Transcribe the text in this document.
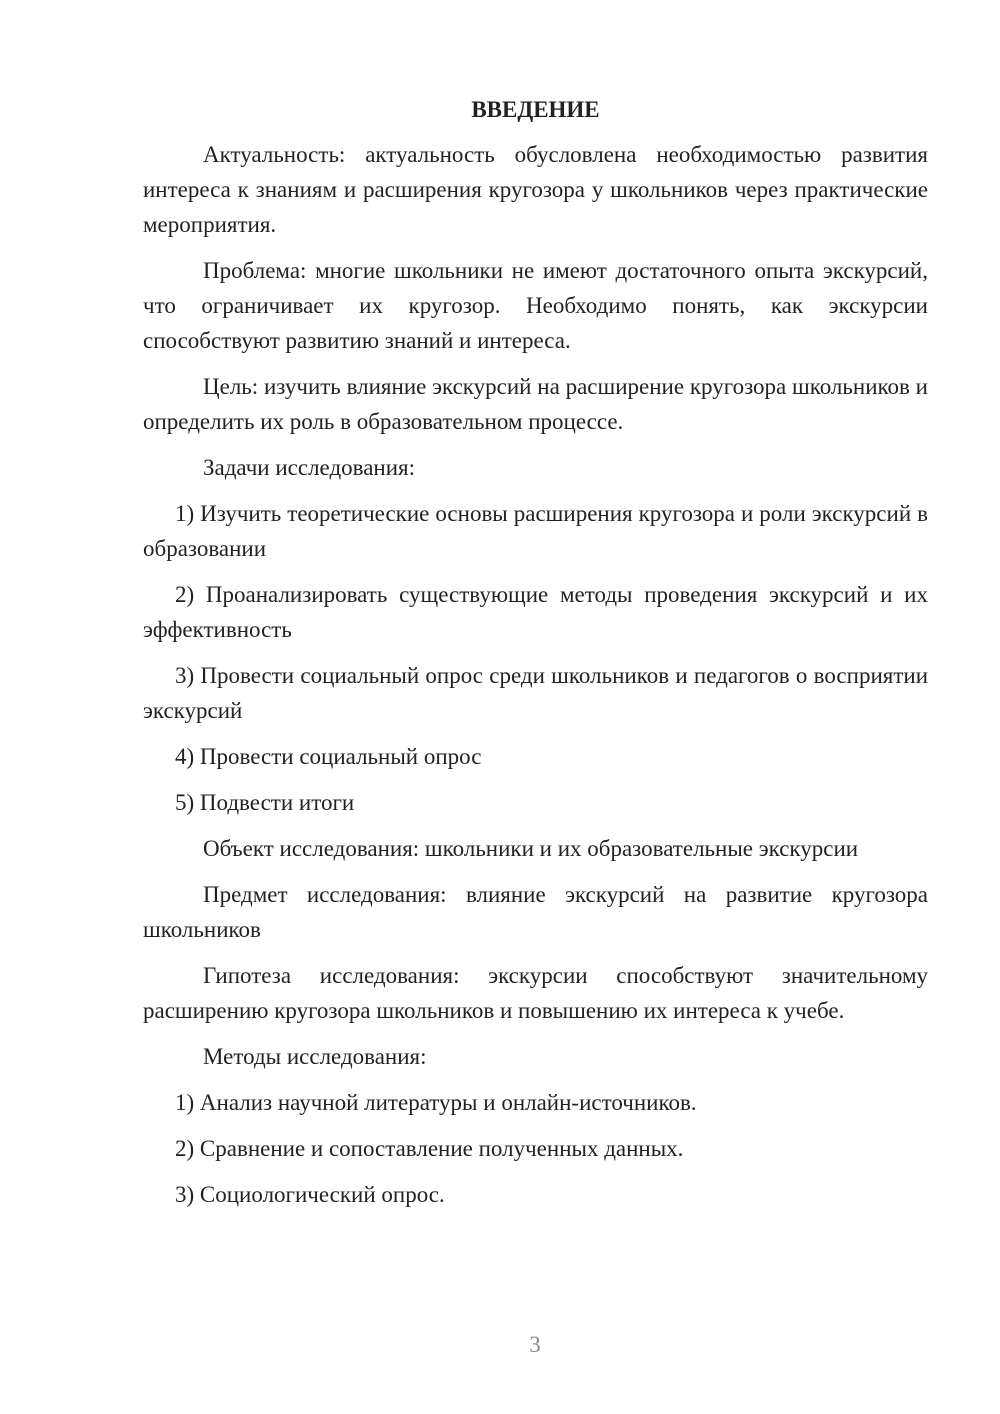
ВВЕДЕНИЕ

Актуальность: актуальность обусловлена необходимостью развития интереса к знаниям и расширения кругозора у школьников через практические мероприятия.

Проблема: многие школьники не имеют достаточного опыта экскурсий, что ограничивает их кругозор. Необходимо понять, как экскурсии способствуют развитию знаний и интереса.

Цель: изучить влияние экскурсий на расширение кругозора школьников и определить их роль в образовательном процессе.

Задачи исследования:

1) Изучить теоретические основы расширения кругозора и роли экскурсий в образовании

2) Проанализировать существующие методы проведения экскурсий и их эффективность

3) Провести социальный опрос среди школьников и педагогов о восприятии экскурсий

4) Провести социальный опрос

5) Подвести итоги

Объект исследования: школьники и их образовательные экскурсии

Предмет исследования: влияние экскурсий на развитие кругозора школьников

Гипотеза исследования: экскурсии способствуют значительному расширению кругозора школьников и повышению их интереса к учебе.

Методы исследования:

1) Анализ научной литературы и онлайн-источников.

2) Сравнение и сопоставление полученных данных.

3) Социологический опрос.

3
